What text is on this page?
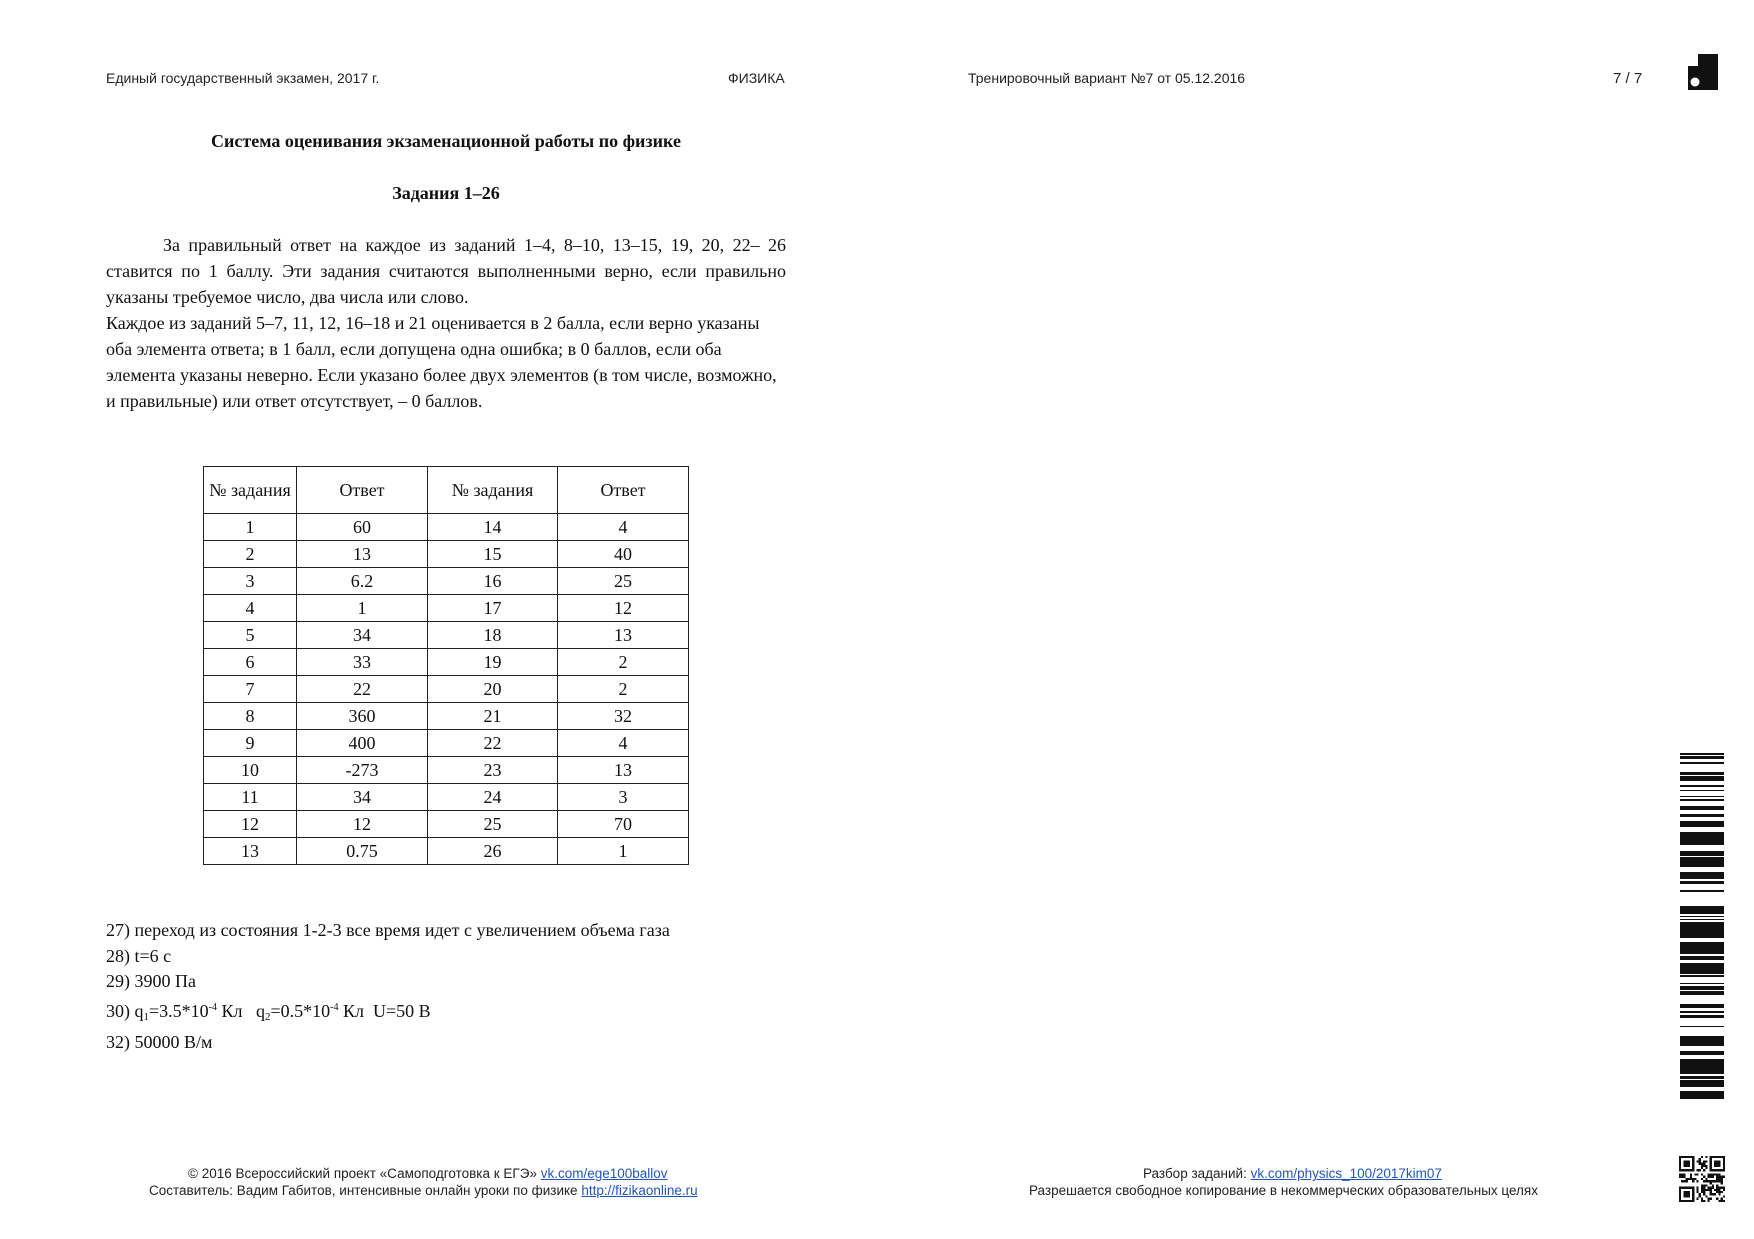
Единый государственный экзамен, 2017 г.	ФИЗИКА	Тренировочный вариант №7 от 05.12.2016	7 / 7
Система оценивания экзаменационной работы по физике
Задания 1–26
За правильный ответ на каждое из заданий 1–4, 8–10, 13–15, 19, 20, 22– 26 ставится по 1 баллу. Эти задания считаются выполненными верно, если правильно указаны требуемое число, два числа или слово.
Каждое из заданий 5–7, 11, 12, 16–18 и 21 оценивается в 2 балла, если верно указаны оба элемента ответа; в 1 балл, если допущена одна ошибка; в 0 баллов, если оба элемента указаны неверно. Если указано более двух элементов (в том числе, возможно, и правильные) или ответ отсутствует, – 0 баллов.
№ задания	Ответ	№ задания	Ответ
1	60	14	4
2	13	15	40
3	6.2	16	25
4	1	17	12
5	34	18	13
6	33	19	2
7	22	20	2
8	360	21	32
9	400	22	4
10	-273	23	13
11	34	24	3
12	12	25	70
13	0.75	26	1
27) переход из состояния 1-2-3 все время идет с увеличением объема газа
28) t=6 с
29) 3900 Па
30) $q_1=3.5*10^{-4}$ Кл   $q_2=0.5*10^{-4}$ Кл  U=50 В
32) 50000 В/м
© 2016 Всероссийский проект «Самоподготовка к ЕГЭ» vk.com/ege100ballov
Составитель: Вадим Габитов, интенсивные онлайн уроки по физике http://fizikaonline.ru
Разбор заданий: vk.com/physics_100/2017kim07
Разрешается свободное копирование в некоммерческих образовательных целях
